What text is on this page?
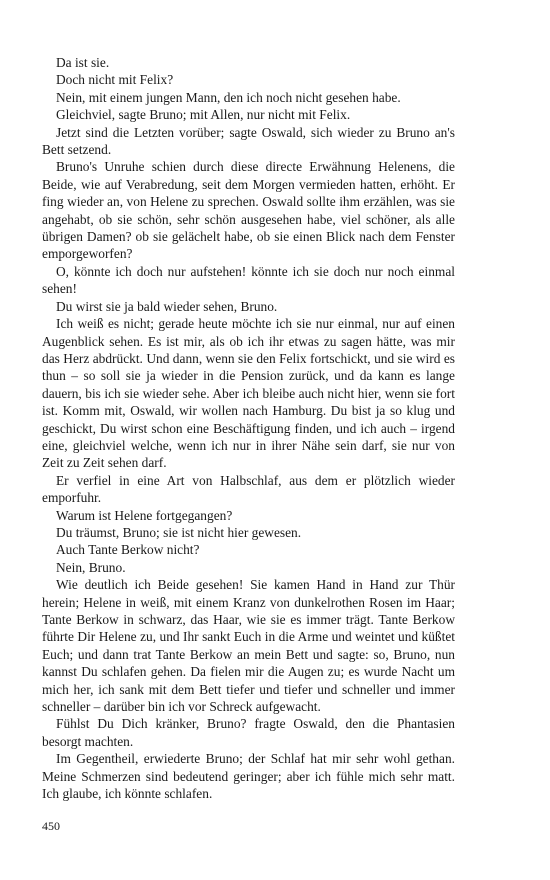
Da ist sie.

Doch nicht mit Felix?

Nein, mit einem jungen Mann, den ich noch nicht gesehen habe.

Gleichviel, sagte Bruno; mit Allen, nur nicht mit Felix.

Jetzt sind die Letzten vorüber; sagte Oswald, sich wieder zu Bruno an's Bett setzend.

Bruno's Unruhe schien durch diese directe Erwähnung Helenens, die Beide, wie auf Verabredung, seit dem Morgen vermieden hatten, erhöht. Er fing wieder an, von Helene zu sprechen. Oswald sollte ihm erzählen, was sie angehabt, ob sie schön, sehr schön ausgesehen habe, viel schöner, als alle übrigen Damen? ob sie gelächelt habe, ob sie einen Blick nach dem Fenster emporgeworfen?

O, könnte ich doch nur aufstehen! könnte ich sie doch nur noch einmal sehen!

Du wirst sie ja bald wieder sehen, Bruno.

Ich weiß es nicht; gerade heute möchte ich sie nur einmal, nur auf einen Augenblick sehen. Es ist mir, als ob ich ihr etwas zu sagen hätte, was mir das Herz abdrückt. Und dann, wenn sie den Felix fortschickt, und sie wird es thun – so soll sie ja wieder in die Pension zurück, und da kann es lange dauern, bis ich sie wieder sehe. Aber ich bleibe auch nicht hier, wenn sie fort ist. Komm mit, Oswald, wir wollen nach Hamburg. Du bist ja so klug und geschickt, Du wirst schon eine Beschäftigung finden, und ich auch – irgend eine, gleichviel welche, wenn ich nur in ihrer Nähe sein darf, sie nur von Zeit zu Zeit sehen darf.

Er verfiel in eine Art von Halbschlaf, aus dem er plötzlich wieder emporfuhr.

Warum ist Helene fortgegangen?

Du träumst, Bruno; sie ist nicht hier gewesen.

Auch Tante Berkow nicht?

Nein, Bruno.

Wie deutlich ich Beide gesehen! Sie kamen Hand in Hand zur Thür herein; Helene in weiß, mit einem Kranz von dunkelrothen Rosen im Haar; Tante Berkow in schwarz, das Haar, wie sie es immer trägt. Tante Berkow führte Dir Helene zu, und Ihr sankt Euch in die Arme und weintet und küßtet Euch; und dann trat Tante Berkow an mein Bett und sagte: so, Bruno, nun kannst Du schlafen gehen. Da fielen mir die Augen zu; es wurde Nacht um mich her, ich sank mit dem Bett tiefer und tiefer und schneller und immer schneller – darüber bin ich vor Schreck aufgewacht.

Fühlst Du Dich kränker, Bruno? fragte Oswald, den die Phantasien besorgt machten.

Im Gegentheil, erwiederte Bruno; der Schlaf hat mir sehr wohl gethan. Meine Schmerzen sind bedeutend geringer; aber ich fühle mich sehr matt. Ich glaube, ich könnte schlafen.

450
